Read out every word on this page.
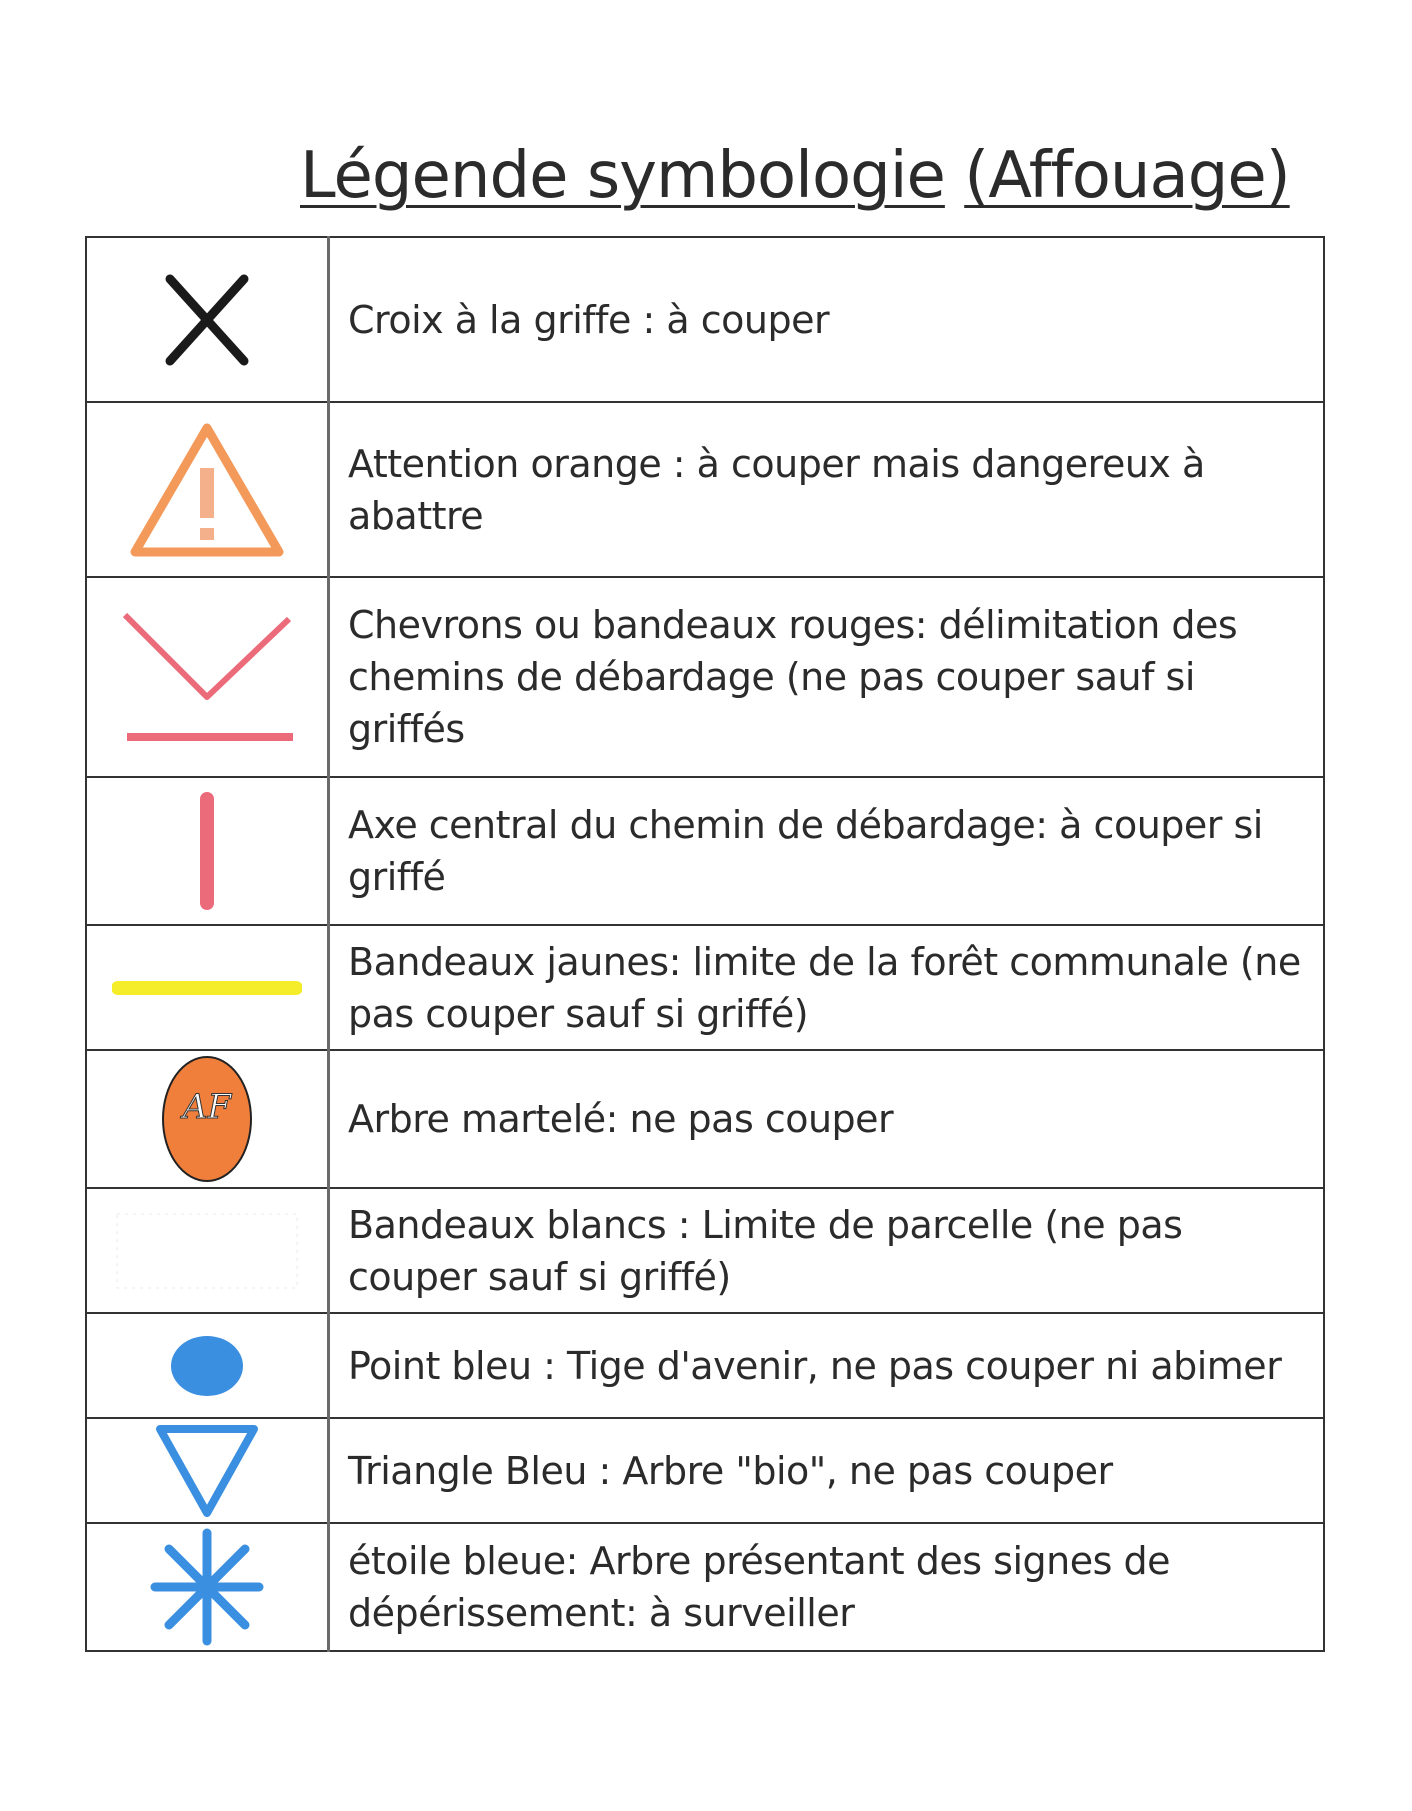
Légende symbologie (Affouage)
	Croix à la griffe : à couper

	Attention orange : à couper mais dangereux à abattre

	Chevrons ou bandeaux rouges: délimitation des chemins de débardage (ne pas couper sauf si griffés

	Axe central du chemin de débardage: à couper si griffé

	Bandeaux jaunes: limite de la forêt communale (ne pas couper sauf si griffé)

AF	Arbre martelé: ne pas couper

	Bandeaux blancs : Limite de parcelle (ne pas couper sauf si griffé)

	Point bleu : Tige d'avenir, ne pas couper ni abimer

	Triangle Bleu : Arbre "bio", ne pas couper

	étoile bleue: Arbre présentant des signes de dépérissement: à surveiller
